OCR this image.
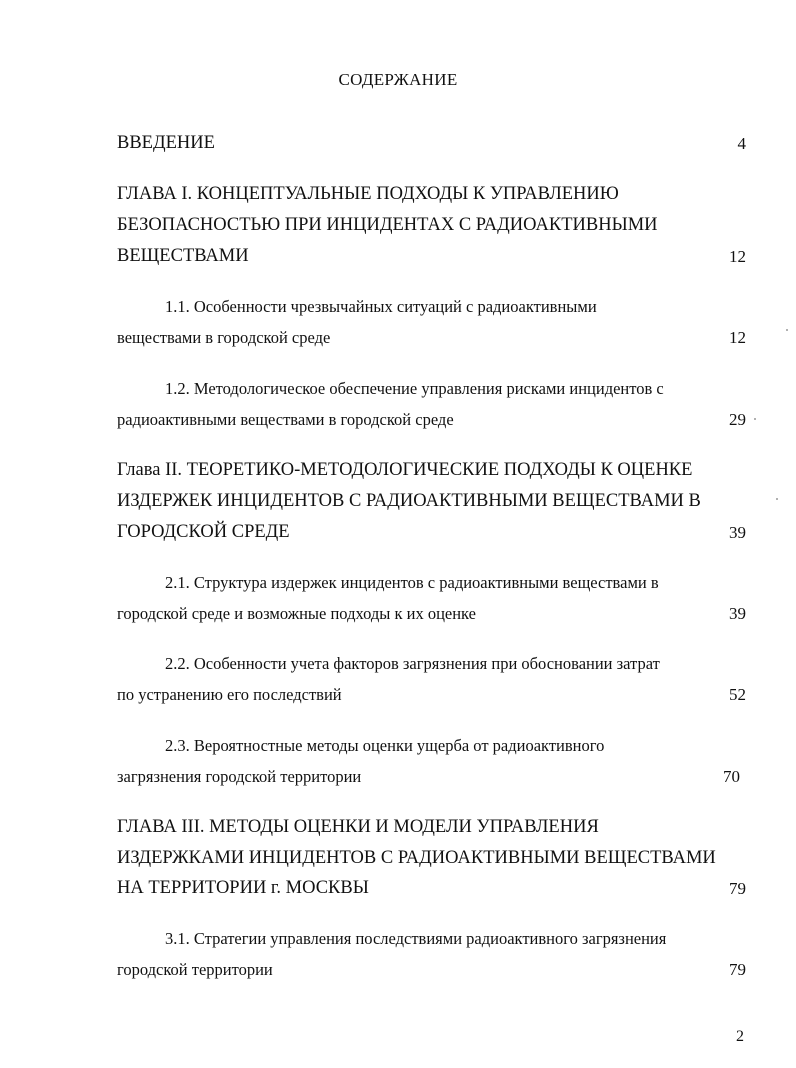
СОДЕРЖАНИЕ
ВВЕДЕНИЕ	4
ГЛАВА I. КОНЦЕПТУАЛЬНЫЕ ПОДХОДЫ К УПРАВЛЕНИЮ
БЕЗОПАСНОСТЬЮ ПРИ ИНЦИДЕНТАХ С РАДИОАКТИВНЫМИ
ВЕЩЕСТВАМИ	12
1.1. Особенности чрезвычайных ситуаций с радиоактивными
веществами в городской среде	12
1.2. Методологическое обеспечение управления рисками инцидентов с
радиоактивными веществами в городской среде	29
Глава II. ТЕОРЕТИКО-МЕТОДОЛОГИЧЕСКИЕ ПОДХОДЫ К ОЦЕНКЕ
ИЗДЕРЖЕК ИНЦИДЕНТОВ С РАДИОАКТИВНЫМИ ВЕЩЕСТВАМИ В
ГОРОДСКОЙ СРЕДЕ	39
2.1. Структура издержек инцидентов с радиоактивными веществами в
городской среде и возможные подходы к их оценке	39
2.2. Особенности учета факторов загрязнения при обосновании затрат
по устранению его последствий	52
2.3. Вероятностные методы оценки ущерба от радиоактивного
загрязнения городской территории	70
ГЛАВА III. МЕТОДЫ ОЦЕНКИ И МОДЕЛИ УПРАВЛЕНИЯ
ИЗДЕРЖКАМИ ИНЦИДЕНТОВ С РАДИОАКТИВНЫМИ ВЕЩЕСТВАМИ
НА ТЕРРИТОРИИ г. МОСКВЫ	79
3.1. Стратегии управления последствиями радиоактивного загрязнения
городской территории	79
2
